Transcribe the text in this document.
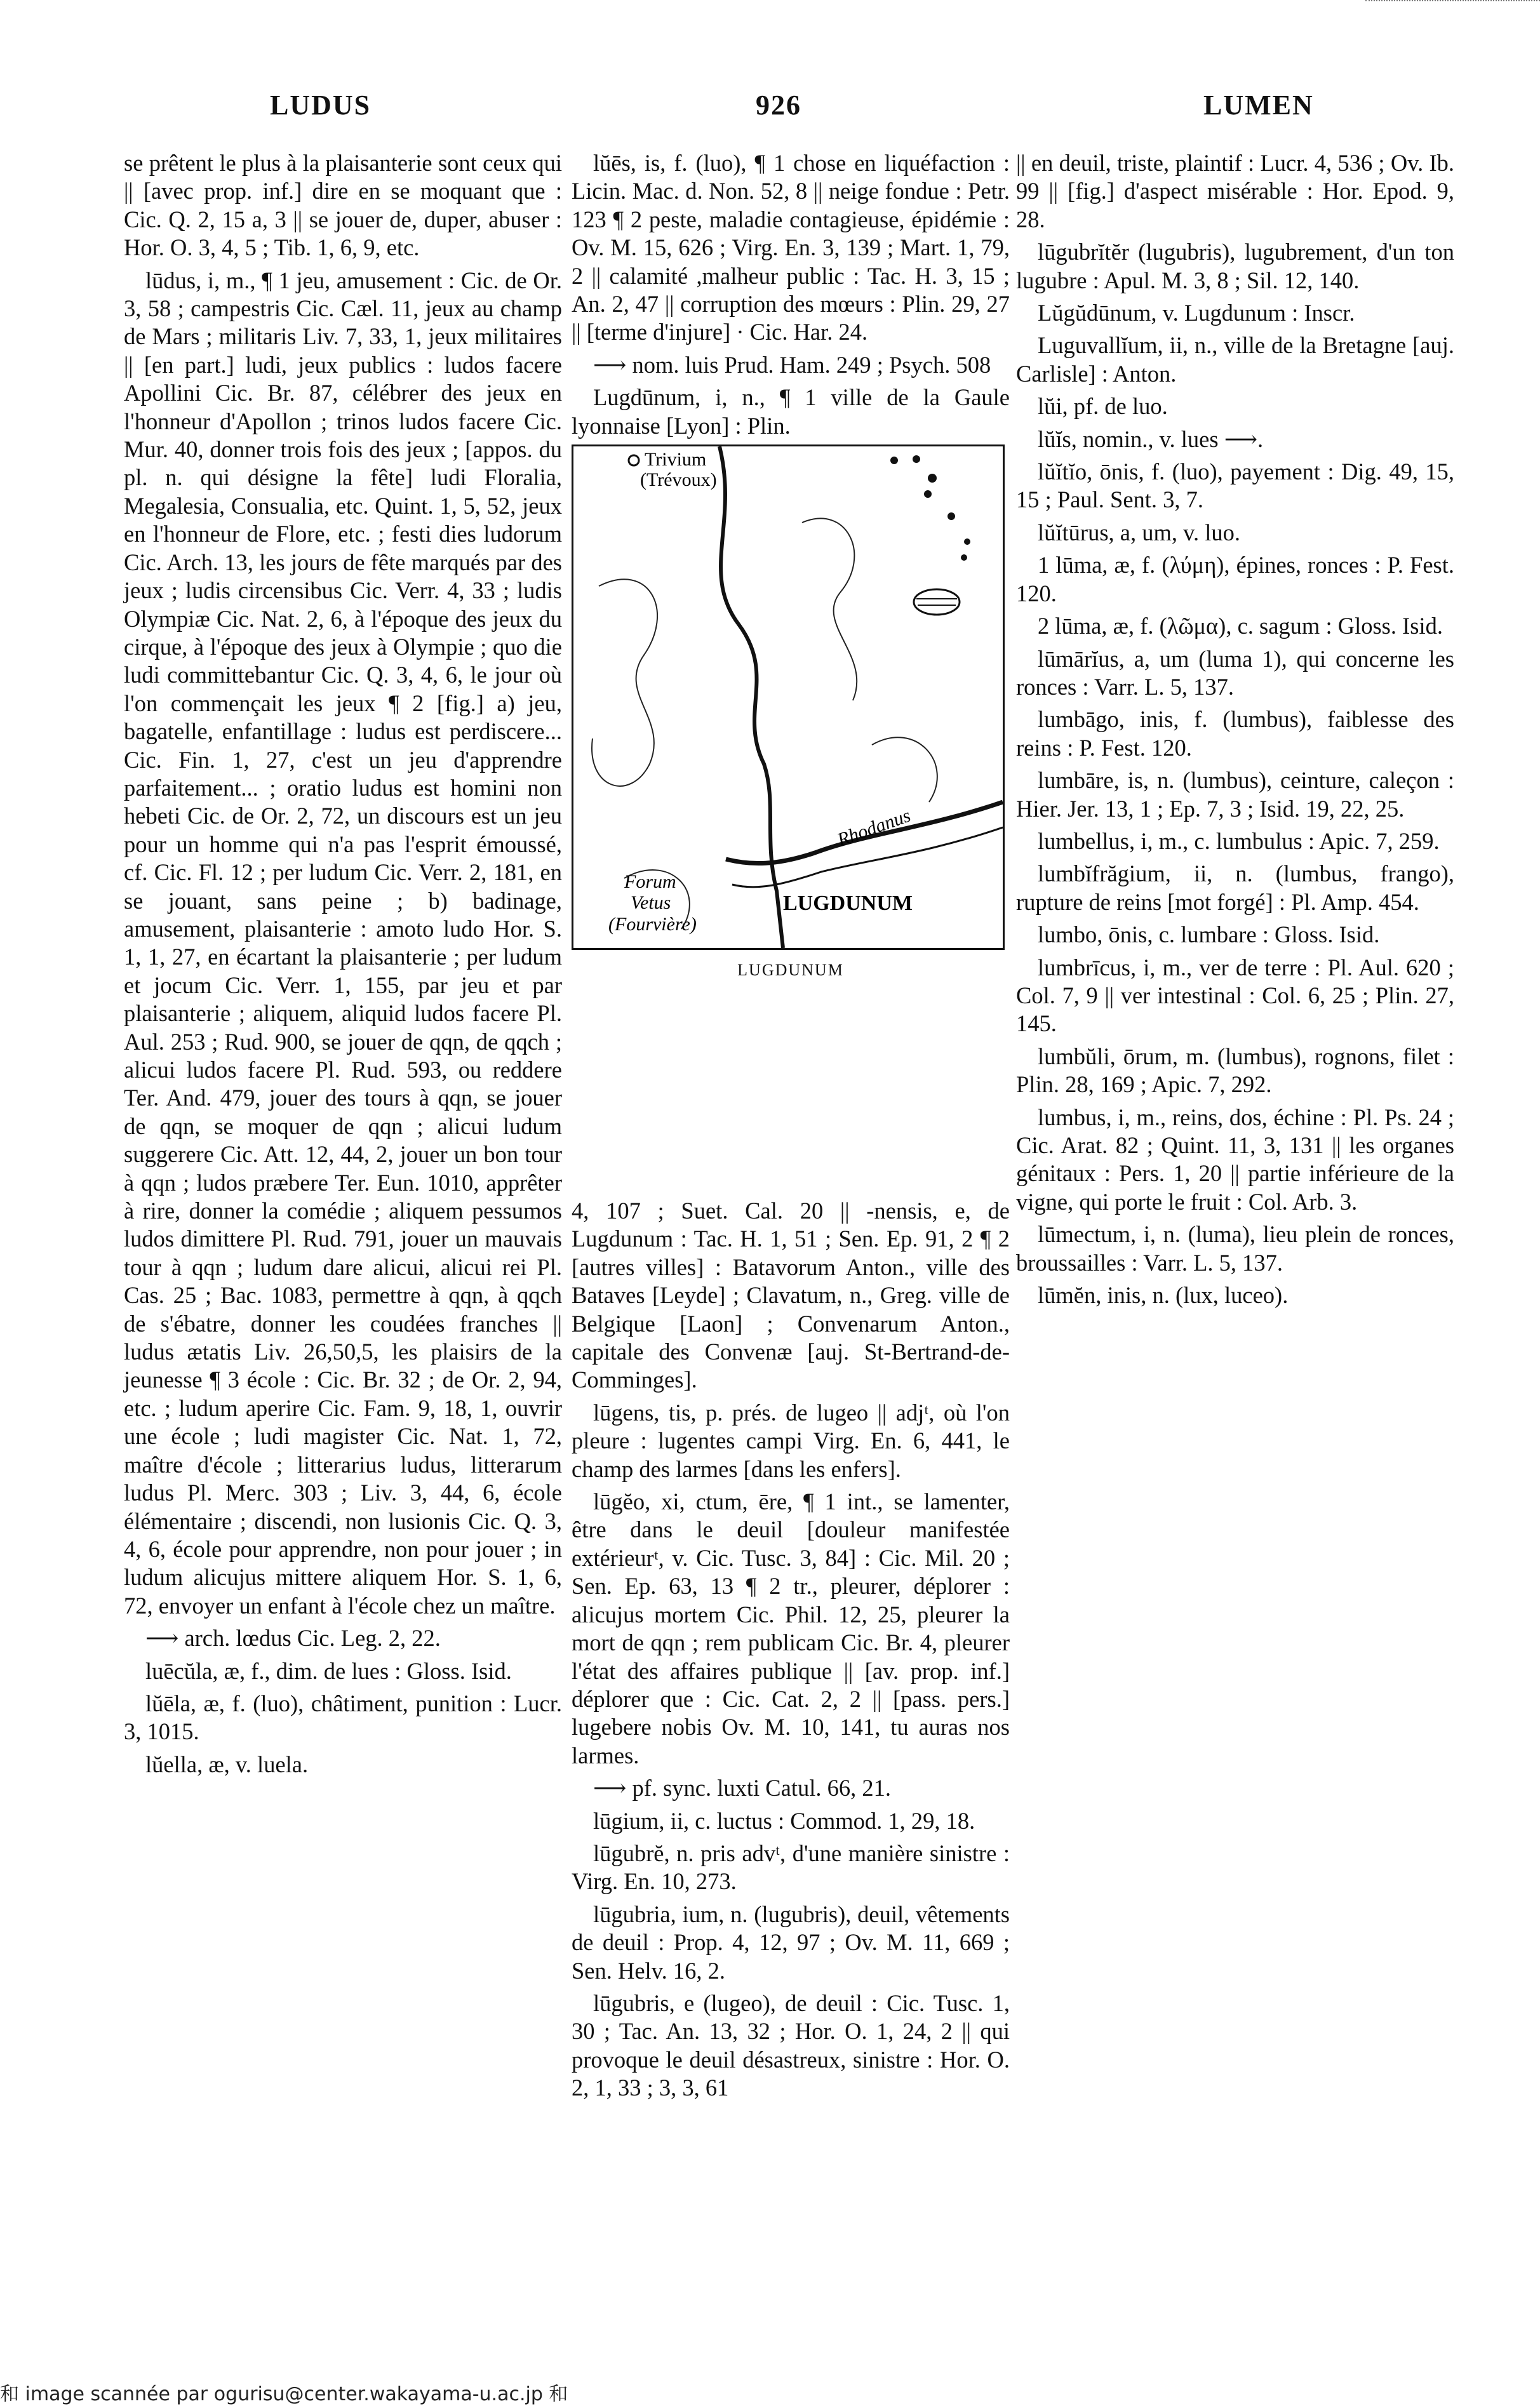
LUDUS	926	LUMEN

se prêtent le plus à la plaisanterie sont ceux qui || [avec prop. inf.] dire en se moquant que : Cic. Q. 2, 15 a, 3 || se jouer de, duper, abuser : Hor. O. 3, 4, 5 ; Tib. 1, 6, 9, etc.

lūdus, i, m., ¶ 1 jeu, amusement : Cic. de Or. 3, 58 ; campestris Cic. Cæl. 11, jeux au champ de Mars ; militaris Liv. 7, 33, 1, jeux militaires || [en part.] ludi, jeux publics : ludos facere Apollini Cic. Br. 87, célébrer des jeux en l'honneur d'Apollon ; trinos ludos facere Cic. Mur. 40, donner trois fois des jeux ; [appos. du pl. n. qui désigne la fête] ludi Floralia, Megalesia, Consualia, etc. Quint. 1, 5, 52, jeux en l'honneur de Flore, etc. ; festi dies ludorum Cic. Arch. 13, les jours de fête marqués par des jeux ; ludis circensibus Cic. Verr. 4, 33 ; ludis Olympiæ Cic. Nat. 2, 6, à l'époque des jeux du cirque, à l'époque des jeux à Olympie ; quo die ludi committebantur Cic. Q. 3, 4, 6, le jour où l'on commençait les jeux ¶ 2 [fig.] a) jeu, bagatelle, enfantillage : ludus est perdiscere... Cic. Fin. 1, 27, c'est un jeu d'apprendre parfaitement... ; oratio ludus est homini non hebeti Cic. de Or. 2, 72, un discours est un jeu pour un homme qui n'a pas l'esprit émoussé, cf. Cic. Fl. 12 ; per ludum Cic. Verr. 2, 181, en se jouant, sans peine ; b) badinage, amusement, plaisanterie : amoto ludo Hor. S. 1, 1, 27, en écartant la plaisanterie ; per ludum et jocum Cic. Verr. 1, 155, par jeu et par plaisanterie ; aliquem, aliquid ludos facere Pl. Aul. 253 ; Rud. 900, se jouer de qqn, de qqch ; alicui ludos facere Pl. Rud. 593, ou reddere Ter. And. 479, jouer des tours à qqn, se jouer de qqn, se moquer de qqn ; alicui ludum suggerere Cic. Att. 12, 44, 2, jouer un bon tour à qqn ; ludos præbere Ter. Eun. 1010, apprêter à rire, donner la comédie ; aliquem pessumos ludos dimittere Pl. Rud. 791, jouer un mauvais tour à qqn ; ludum dare alicui, alicui rei Pl. Cas. 25 ; Bac. 1083, permettre à qqn, à qqch de s'ébatre, donner les coudées franches || ludus ætatis Liv. 26,50,5, les plaisirs de la jeunesse ¶ 3 école : Cic. Br. 32 ; de Or. 2, 94, etc. ; ludum aperire Cic. Fam. 9, 18, 1, ouvrir une école ; ludi magister Cic. Nat. 1, 72, maître d'école ; litterarius ludus, litterarum ludus Pl. Merc. 303 ; Liv. 3, 44, 6, école élémentaire ; discendi, non lusionis Cic. Q. 3, 4, 6, école pour apprendre, non pour jouer ; in ludum alicujus mittere aliquem Hor. S. 1, 6, 72, envoyer un enfant à l'école chez un maître.

⟶ arch. lœdus Cic. Leg. 2, 22.

luēcŭla, æ, f., dim. de lues : Gloss. Isid.

lŭēla, æ, f. (luo), châtiment, punition : Lucr. 3, 1015.

lŭella, æ, v. luela.

lŭēs, is, f. (luo), ¶ 1 chose en liquéfaction : Licin. Mac. d. Non. 52, 8 || neige fondue : Petr. 123 ¶ 2 peste, maladie contagieuse, épidémie : Ov. M. 15, 626 ; Virg. En. 3, 139 ; Mart. 1, 79, 2 || calamité ,malheur public : Tac. H. 3, 15 ; An. 2, 47 || corruption des mœurs : Plin. 29, 27 || [terme d'injure] · Cic. Har. 24.

⟶ nom. luis Prud. Ham. 249 ; Psych. 508

Lugdūnum, i, n., ¶ 1 ville de la Gaule lyonnaise [Lyon] : Plin.

Trivium
(Trévoux)
Rhodanus
Forum
Vetus
(Fourvière)
LUGDUNUM
LUGDUNUM

4, 107 ; Suet. Cal. 20 || -nensis, e, de Lugdunum : Tac. H. 1, 51 ; Sen. Ep. 91, 2 ¶ 2 [autres villes] : Batavorum Anton., ville des Bataves [Leyde] ; Clavatum, n., Greg. ville de Belgique [Laon] ; Convenarum Anton., capitale des Convenæ [auj. St-Bertrand-de-Comminges].

lūgens, tis, p. prés. de lugeo || adjᵗ, où l'on pleure : lugentes campi Virg. En. 6, 441, le champ des larmes [dans les enfers].

lūgĕo, xi, ctum, ēre, ¶ 1 int., se lamenter, être dans le deuil [douleur manifestée extérieurᵗ, v. Cic. Tusc. 3, 84] : Cic. Mil. 20 ; Sen. Ep. 63, 13 ¶ 2 tr., pleurer, déplorer : alicujus mortem Cic. Phil. 12, 25, pleurer la mort de qqn ; rem publicam Cic. Br. 4, pleurer l'état des affaires publique || [av. prop. inf.] déplorer que : Cic. Cat. 2, 2 || [pass. pers.] lugebere nobis Ov. M. 10, 141, tu auras nos larmes.

⟶ pf. sync. luxti Catul. 66, 21.

lūgium, ii, c. luctus : Commod. 1, 29, 18.

lūgubrĕ, n. pris advᵗ, d'une manière sinistre : Virg. En. 10, 273.

lūgubria, ium, n. (lugubris), deuil, vêtements de deuil : Prop. 4, 12, 97 ; Ov. M. 11, 669 ; Sen. Helv. 16, 2.

lūgubris, e (lugeo), de deuil : Cic. Tusc. 1, 30 ; Tac. An. 13, 32 ; Hor. O. 1, 24, 2 || qui provoque le deuil désastreux, sinistre : Hor. O. 2, 1, 33 ; 3, 3, 61

|| en deuil, triste, plaintif : Lucr. 4, 536 ; Ov. Ib. 99 || [fig.] d'aspect misérable : Hor. Epod. 9, 28.

lūgubrĭtĕr (lugubris), lugubrement, d'un ton lugubre : Apul. M. 3, 8 ; Sil. 12, 140.

Lŭgŭdūnum, v. Lugdunum : Inscr.

Luguvallĭum, ii, n., ville de la Bretagne [auj. Carlisle] : Anton.

lŭi, pf. de luo.

lŭĭs, nomin., v. lues ⟶.

lŭĭtĭo, ōnis, f. (luo), payement : Dig. 49, 15, 15 ; Paul. Sent. 3, 7.

lŭĭtūrus, a, um, v. luo.

1 lūma, æ, f. (λύμη), épines, ronces : P. Fest. 120.

2 lūma, æ, f. (λῶμα), c. sagum : Gloss. Isid.

lūmārĭus, a, um (luma 1), qui concerne les ronces : Varr. L. 5, 137.

lumbāgo, inis, f. (lumbus), faiblesse des reins : P. Fest. 120.

lumbāre, is, n. (lumbus), ceinture, caleçon : Hier. Jer. 13, 1 ; Ep. 7, 3 ; Isid. 19, 22, 25.

lumbellus, i, m., c. lumbulus : Apic. 7, 259.

lumbĭfrăgium, ii, n. (lumbus, frango), rupture de reins [mot forgé] : Pl. Amp. 454.

lumbo, ōnis, c. lumbare : Gloss. Isid.

lumbrīcus, i, m., ver de terre : Pl. Aul. 620 ; Col. 7, 9 || ver intestinal : Col. 6, 25 ; Plin. 27, 145.

lumbŭli, ōrum, m. (lumbus), rognons, filet : Plin. 28, 169 ; Apic. 7, 292.

lumbus, i, m., reins, dos, échine : Pl. Ps. 24 ; Cic. Arat. 82 ; Quint. 11, 3, 131 || les organes génitaux : Pers. 1, 20 || partie inférieure de la vigne, qui porte le fruit : Col. Arb. 3.

lūmectum, i, n. (luma), lieu plein de ronces, broussailles : Varr. L. 5, 137.

lūmĕn, inis, n. (lux, luceo).

和 image scannée par ogurisu@center.wakayama-u.ac.jp 和
